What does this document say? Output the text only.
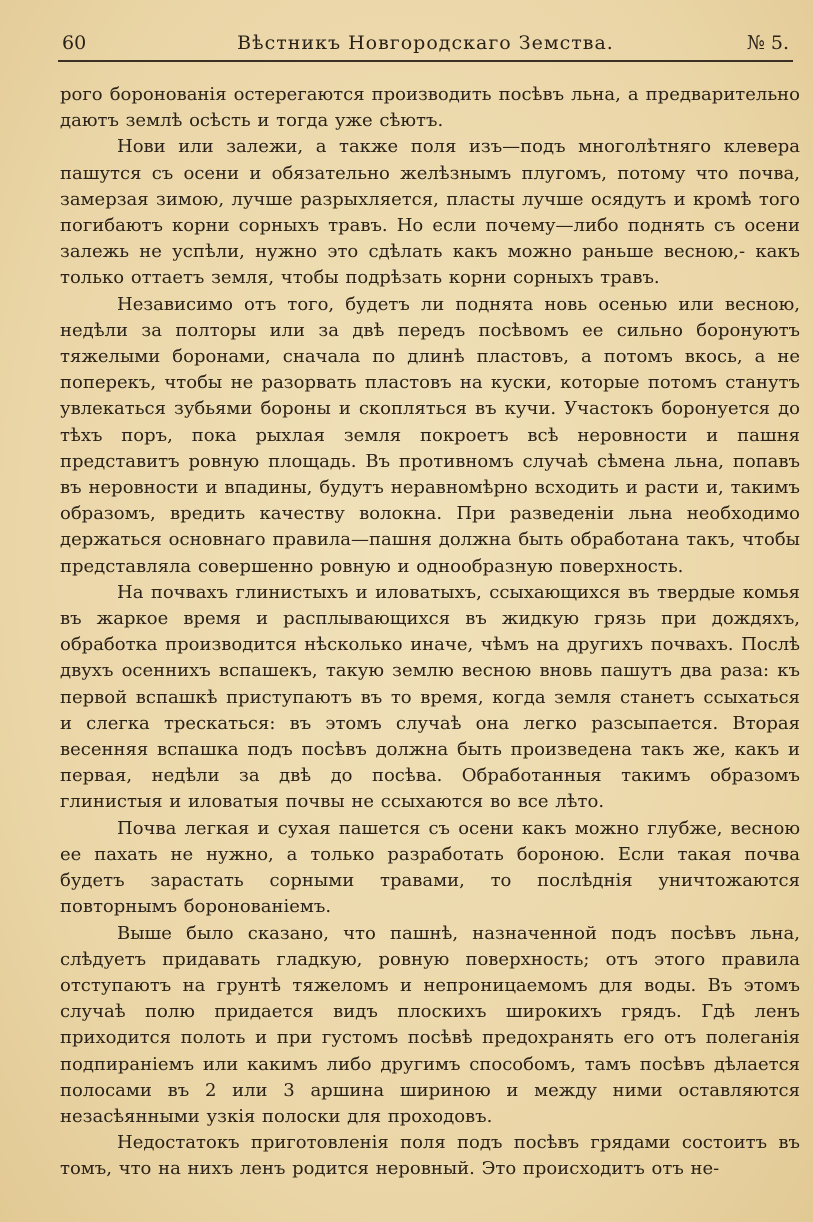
60	Вѣстникъ Новгородскаго Земства.	№ 5.

рого боронованія остерегаются производить посѣвъ льна, а предварительно даютъ землѣ осѣсть и тогда уже сѣютъ.

Нови или залежи, а также поля изъ—подъ многолѣтняго клевера пашутся съ осени и обязательно желѣзнымъ плугомъ, потому что почва, замерзая зимою, лучше разрыхляется, пласты лучше осядутъ и кромѣ того погибаютъ корни сорныхъ травъ. Но если почему—либо поднять съ осени залежь не успѣли, нужно это сдѣлать какъ можно раньше весною,- какъ только оттаетъ земля, чтобы подрѣзать корни сорныхъ травъ.

Независимо отъ того, будетъ ли поднята новь осенью или весною, недѣли за полторы или за двѣ передъ посѣвомъ ее сильно боронуютъ тяжелыми боронами, сначала по длинѣ пластовъ, а потомъ вкось, а не поперекъ, чтобы не разорвать пластовъ на куски, которые потомъ станутъ увлекаться зубьями бороны и скопляться въ кучи. Участокъ боронуется до тѣхъ поръ, пока рыхлая земля покроетъ всѣ неровности и пашня представитъ ровную площадь. Въ противномъ случаѣ сѣмена льна, попавъ въ неровности и впадины, будутъ неравномѣрно всходить и расти и, такимъ образомъ, вредить качеству волокна. При разведеніи льна необходимо держаться основнаго правила—пашня должна быть обработана такъ, чтобы представляла совершенно ровную и однообразную поверхность.

На почвахъ глинистыхъ и иловатыхъ, ссыхающихся въ твердые комья въ жаркое время и расплывающихся въ жидкую грязь при дождяхъ, обработка производится нѣсколько иначе, чѣмъ на другихъ почвахъ. Послѣ двухъ осеннихъ вспашекъ, такую землю весною вновь пашутъ два раза: къ первой вспашкѣ приступаютъ въ то время, когда земля станетъ ссыхаться и слегка трескаться: въ этомъ случаѣ она легко разсыпается. Вторая весенняя вспашка подъ посѣвъ должна быть произведена такъ же, какъ и первая, недѣли за двѣ до посѣва. Обработанныя такимъ образомъ глинистыя и иловатыя почвы не ссыхаются во все лѣто.

Почва легкая и сухая пашется съ осени какъ можно глубже, весною ее пахать не нужно, а только разработать бороною. Если такая почва будетъ зарастать сорными травами, то послѣднія уничтожаются повторнымъ боронованіемъ.

Выше было сказано, что пашнѣ, назначенной подъ посѣвъ льна, слѣдуетъ придавать гладкую, ровную поверхность; отъ этого правила отступаютъ на грунтѣ тяжеломъ и непроницаемомъ для воды. Въ этомъ случаѣ полю придается видъ плоскихъ широкихъ грядъ. Гдѣ ленъ приходится полоть и при густомъ посѣвѣ предохранять его отъ полеганія подпираніемъ или какимъ либо другимъ способомъ, тамъ посѣвъ дѣлается полосами въ 2 или 3 аршина шириною и между ними оставляются незасѣянными узкія полоски для проходовъ.

Недостатокъ приготовленія поля подъ посѣвъ грядами состоитъ въ томъ, что на нихъ ленъ родится неровный. Это происходитъ отъ не-
